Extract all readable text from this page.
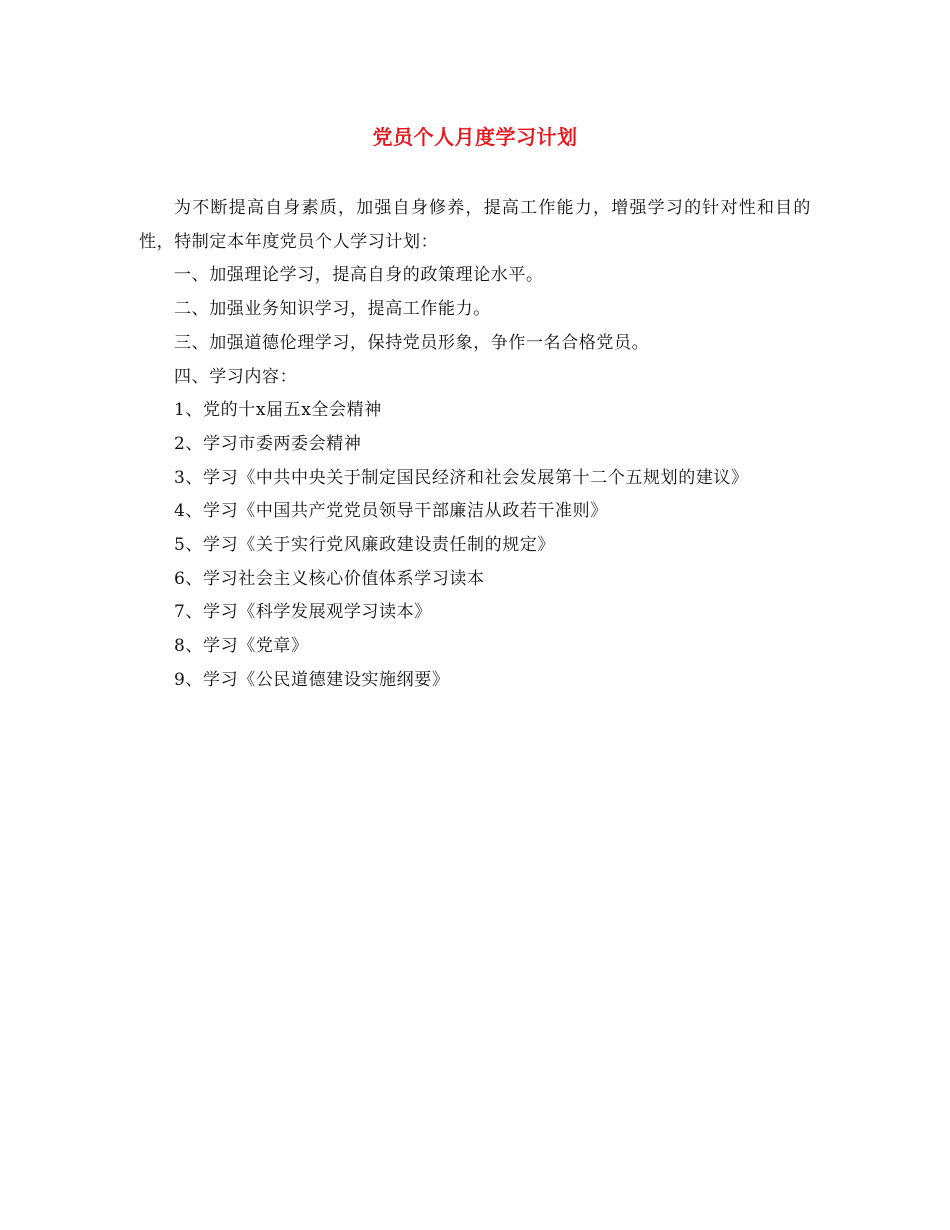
党员个人月度学习计划

为不断提高自身素质，加强自身修养，提高工作能力，增强学习的针对性和目的性，特制定本年度党员个人学习计划：

一、加强理论学习，提高自身的政策理论水平。

二、加强业务知识学习，提高工作能力。

三、加强道德伦理学习，保持党员形象，争作一名合格党员。

四、学习内容：

1、党的十x届五x全会精神

2、学习市委两委会精神

3、学习《中共中央关于制定国民经济和社会发展第十二个五规划的建议》

4、学习《中国共产党党员领导干部廉洁从政若干准则》

5、学习《关于实行党风廉政建设责任制的规定》

6、学习社会主义核心价值体系学习读本

7、学习《科学发展观学习读本》

8、学习《党章》

9、学习《公民道德建设实施纲要》
